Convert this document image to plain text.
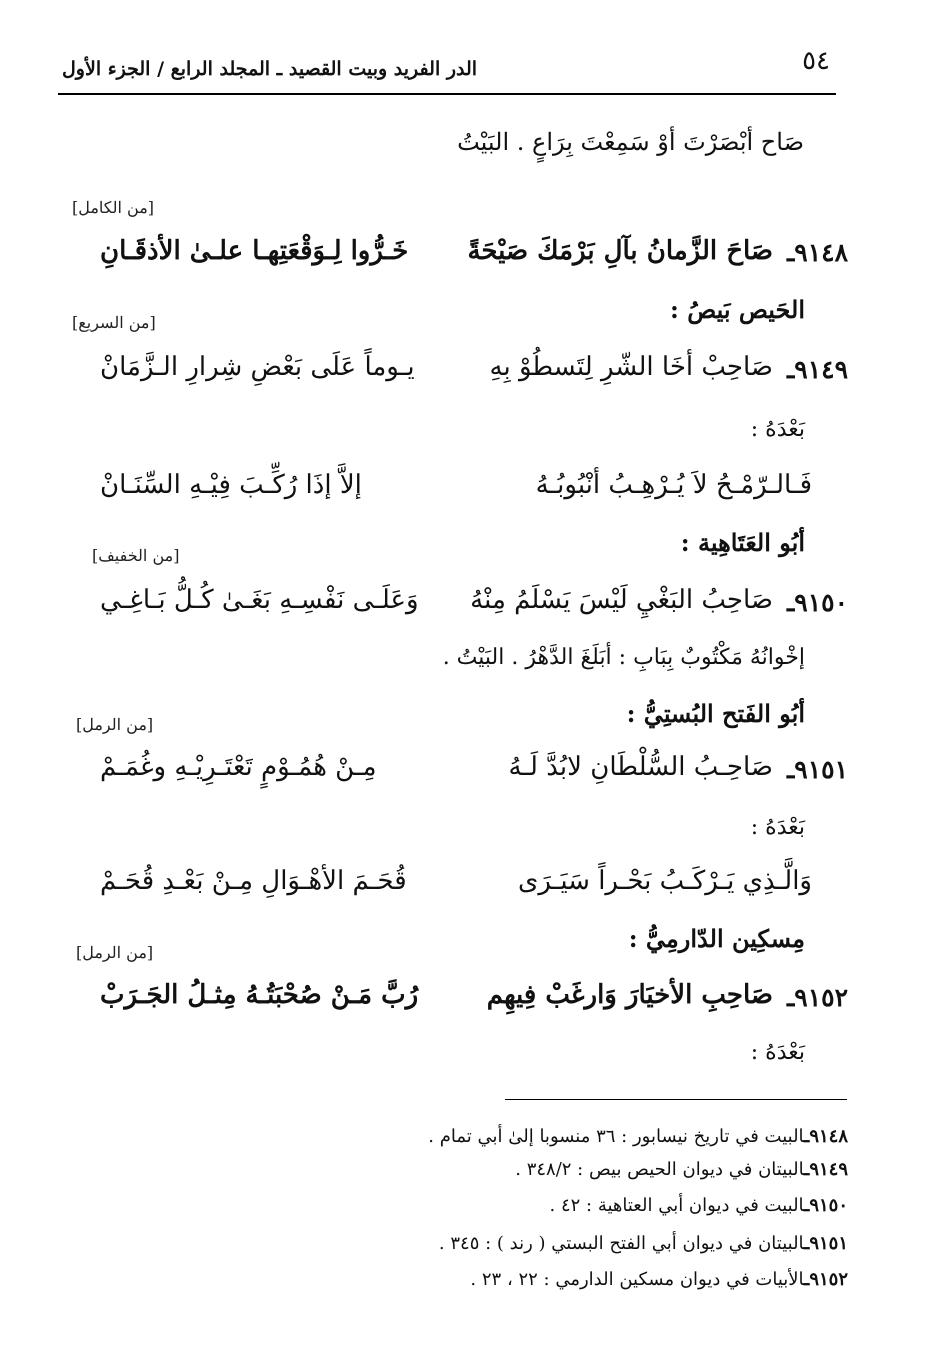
٥٤
الدر الفريد وبيت القصيد ـ المجلد الرابع / الجزء الأول
صَاح أبْصَرْتَ أوْ سَمِعْتَ بِرَاعٍ . البَيْتُ
[من الكامل]
٩١٤٨ـ
صَاحَ الزَّمانُ بآلِ بَرْمَكَ صَيْحَةً
خَـرُّوا لِـوَقْعَتِهـا علـىٰ الأذقَـانِ
الحَيص بَيصُ :
[من السريع]
٩١٤٩ـ
صَاحِبْ أخَا الشّرِ لِتَسطُوْ بِهِ
يـوماً عَلَى بَعْضِ شِرارِ الـزَّمَانْ
بَعْدَهُ :
فَـالـرّمْـحُ لاَ يُـرْهِـبُ أنْبُوبُـهُ
إلاَّ إذَا رُكِّـبَ فِيْـهِ السِّنَـانْ
أبُو العَتَاهِية :
[من الخفيف]
٩١٥٠ـ
صَاحِبُ البَغْيِ لَيْسَ يَسْلَمُ مِنْهُ
وَعَلَـى نَفْسِـهِ بَغَـىٰ كُـلُّ بَـاغِـي
إخْوانُهُ مَكْتُوبٌ بِبَابِ : أبَلَغَ الدَّهْرُ . البَيْتُ .
أبُو الفَتح البُستِيُّ :
[من الرمل]
٩١٥١ـ
صَاحِـبُ السُّلْطَانِ لابُدَّ لَـهُ
مِـنْ هُمُـوْمٍ تَعْتَـرِيْـهِ وغُمَـمْ
بَعْدَهُ :
وَالَّـذِي يَـرْكَـبُ بَحْـراً سَيَـرَى
قُحَـمَ الأهْـوَالِ مِـنْ بَعْـدِ قُحَـمْ
مِسكِين الدّارمِيُّ :
[من الرمل]
٩١٥٢ـ
صَاحِبِ الأخيَارَ وَارغَبْ فِيهِم
رُبَّ مَـنْ صُحْبَتُـهُ مِثـلُ الجَـرَبْ
بَعْدَهُ :
٩١٤٨ـالبيت في تاريخ نيسابور : ٣٦ منسوبا إلىٰ أبي تمام .
٩١٤٩ـالبيتان في ديوان الحيص بيص : ٣٤٨/٢ .
٩١٥٠ـالبيت في ديوان أبي العتاهية : ٤٢ .
٩١٥١ـالبيتان في ديوان أبي الفتح البستي ( رند ) : ٣٤٥ .
٩١٥٢ـالأبيات في ديوان مسكين الدارمي : ٢٢ ، ٢٣ .
